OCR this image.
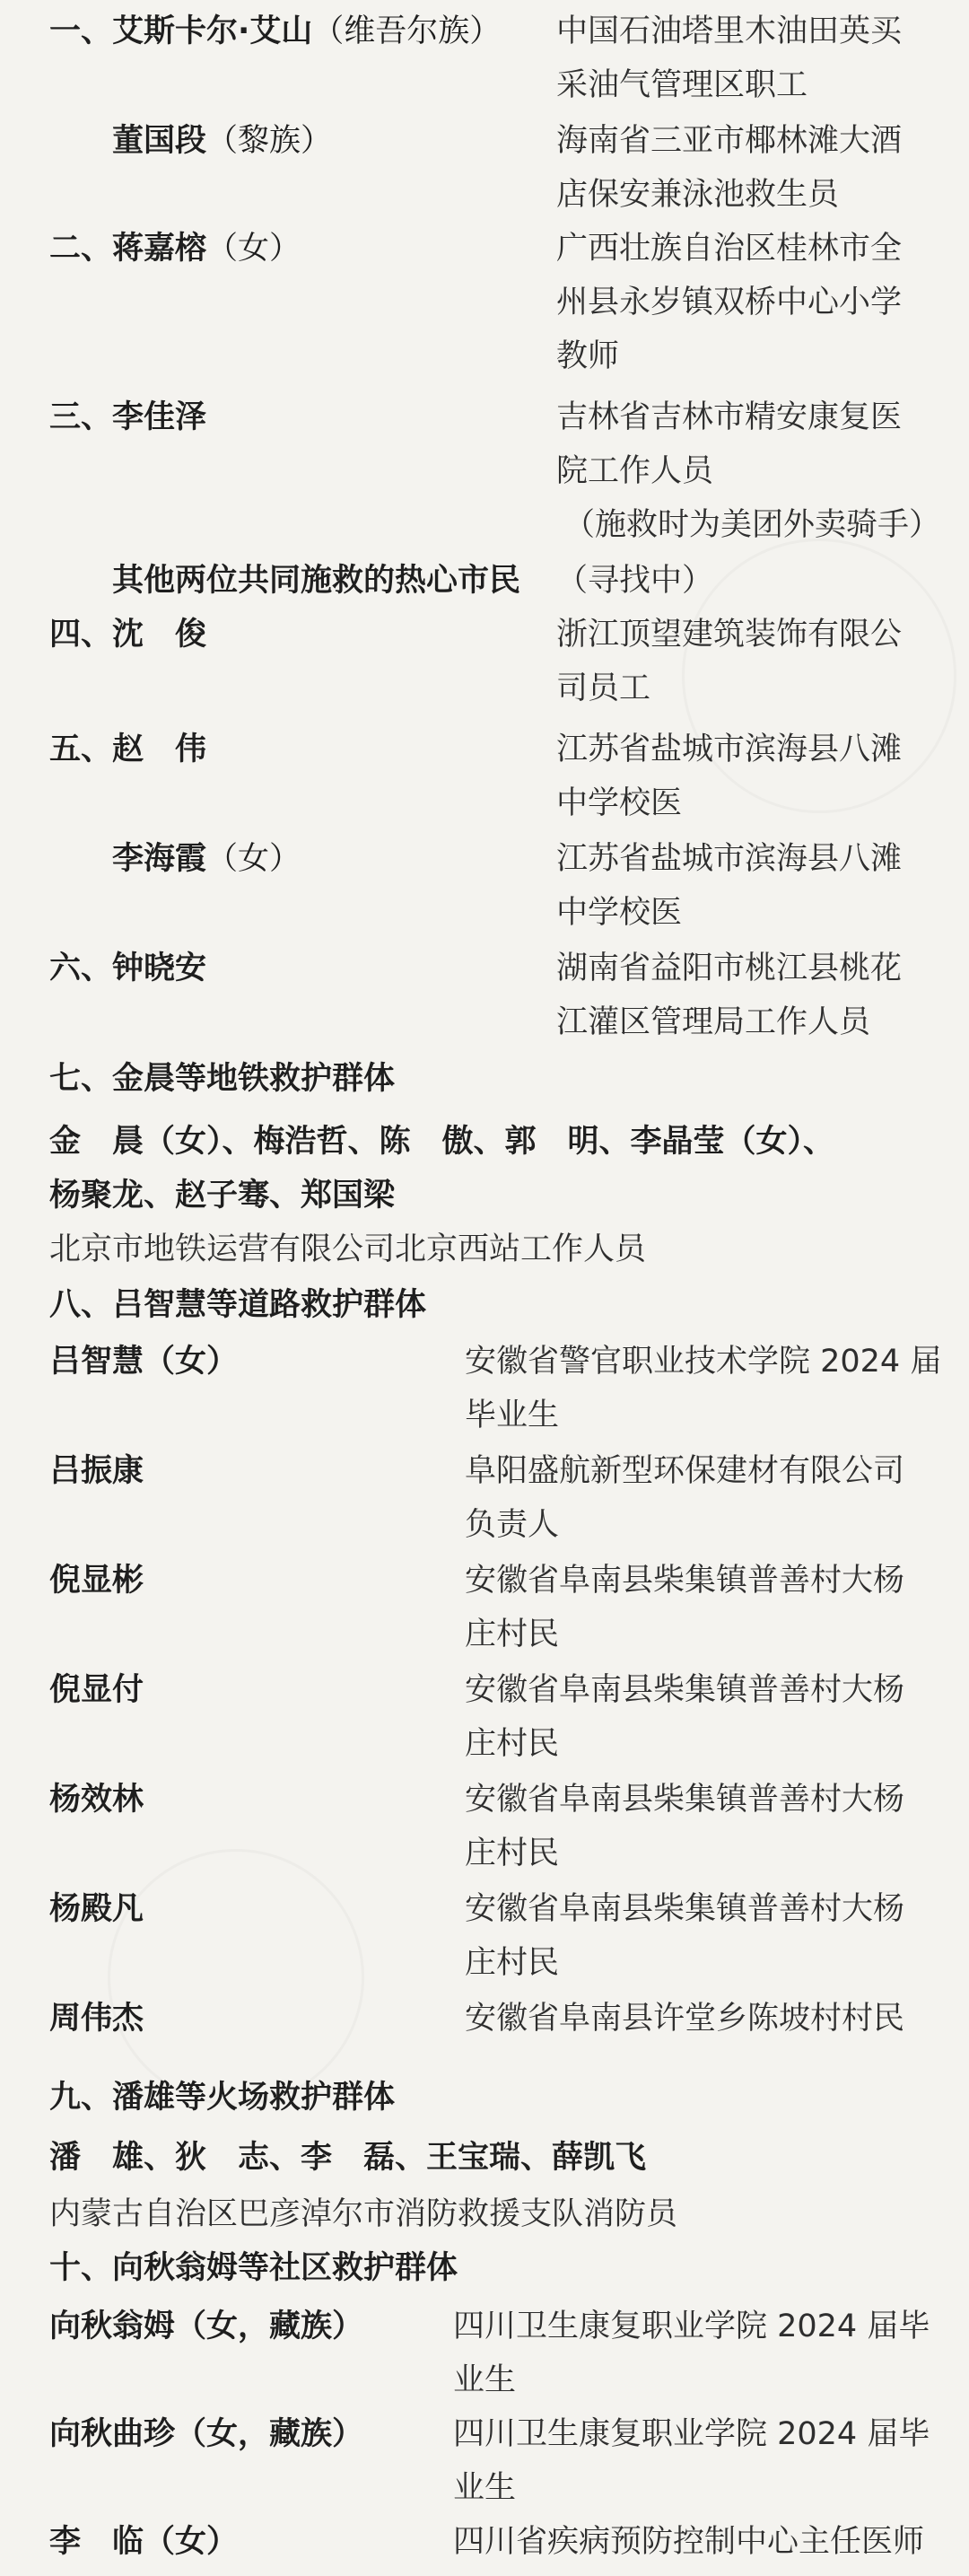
一、 艾斯卡尔·艾山（维吾尔族） 中国石油塔里木油田英买
采油气管理区职工
董国段（黎族）	海南省三亚市椰林滩大酒
店保安兼泳池救生员
二、 蒋嘉榕（女）	广西壮族自治区桂林市全
州县永岁镇双桥中心小学
教师
三、 李佳泽	吉林省吉林市精安康复医
院工作人员
（施救时为美团外卖骑手）
其他两位共同施救的热心市民 （寻找中）
四、 沈　俊	浙江顶望建筑装饰有限公
司员工
五、 赵　伟	江苏省盐城市滨海县八滩
中学校医
李海霞（女）	江苏省盐城市滨海县八滩
中学校医
六、 钟晓安	湖南省益阳市桃江县桃花
江灌区管理局工作人员
七、金晨等地铁救护群体
金　晨（女）、梅浩哲、陈　傲、郭　明、李晶莹（女）、
杨聚龙、赵子骞、郑国梁
北京市地铁运营有限公司北京西站工作人员
八、吕智慧等道路救护群体
吕智慧（女）	安徽省警官职业技术学院 2024 届
毕业生
吕振康	阜阳盛航新型环保建材有限公司
负责人
倪显彬	安徽省阜南县柴集镇普善村大杨
庄村民
倪显付	安徽省阜南县柴集镇普善村大杨
庄村民
杨效林	安徽省阜南县柴集镇普善村大杨
庄村民
杨殿凡	安徽省阜南县柴集镇普善村大杨
庄村民
周伟杰	安徽省阜南县许堂乡陈坡村村民
九、潘雄等火场救护群体
潘　雄、狄　志、李　磊、王宝瑞、薛凯飞
内蒙古自治区巴彦淖尔市消防救援支队消防员
十、向秋翁姆等社区救护群体
向秋翁姆（女，藏族）	四川卫生康复职业学院 2024 届毕
业生
向秋曲珍（女，藏族）	四川卫生康复职业学院 2024 届毕
业生
李　临（女）	四川省疾病预防控制中心主任医师
